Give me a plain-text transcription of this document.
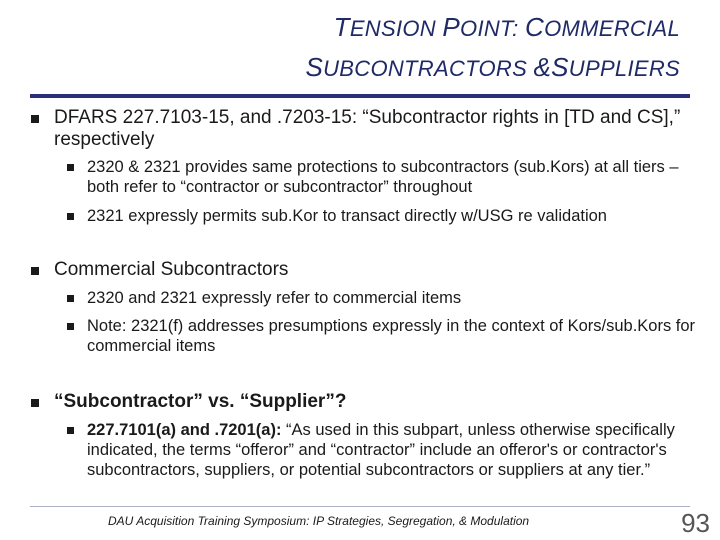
TENSION POINT: COMMERCIAL
SUBCONTRACTORS &SUPPLIERS
DFARS 227.7103-15, and .7203-15: “Subcontractor rights in [TD and CS],” respectively
2320 & 2321 provides same protections to subcontractors (sub.Kors) at all tiers – both refer to “contractor or subcontractor” throughout
2321 expressly permits sub.Kor to transact directly w/USG re validation
Commercial Subcontractors
2320 and 2321 expressly refer to commercial items
Note: 2321(f) addresses presumptions expressly in the context of Kors/sub.Kors for commercial items
“Subcontractor” vs. “Supplier”?
227.7101(a) and .7201(a): “As used in this subpart, unless otherwise specifically indicated, the terms “offeror” and “contractor” include an offeror's or contractor's subcontractors, suppliers, or potential subcontractors or suppliers at any tier.”
DAU Acquisition Training Symposium: IP Strategies, Segregation, & Modulation	93
